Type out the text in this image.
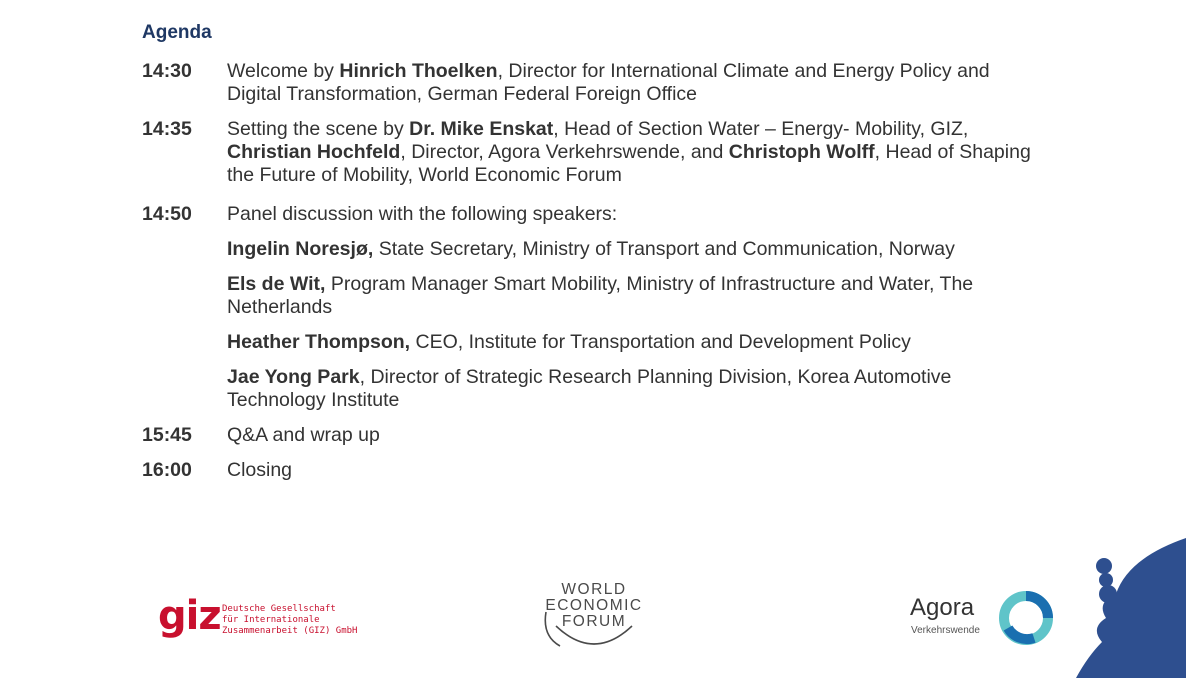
Agenda
14:30 Welcome by Hinrich Thoelken, Director for International Climate and Energy Policy and Digital Transformation, German Federal Foreign Office
14:35 Setting the scene by Dr. Mike Enskat, Head of Section Water – Energy- Mobility, GIZ, Christian Hochfeld, Director, Agora Verkehrswende, and Christoph Wolff, Head of Shaping the Future of Mobility, World Economic Forum
14:50 Panel discussion with the following speakers:
Ingelin Noresjø, State Secretary, Ministry of Transport and Communication, Norway
Els de Wit, Program Manager Smart Mobility, Ministry of Infrastructure and Water, The Netherlands
Heather Thompson, CEO, Institute for Transportation and Development Policy
Jae Yong Park, Director of Strategic Research Planning Division, Korea Automotive Technology Institute
15:45 Q&A and wrap up
16:00 Closing
giz Deutsche Gesellschaft
für Internationale
Zusammenarbeit (GIZ) GmbH
WORLD
ECONOMIC
FORUM
Agora
Verkehrswende
